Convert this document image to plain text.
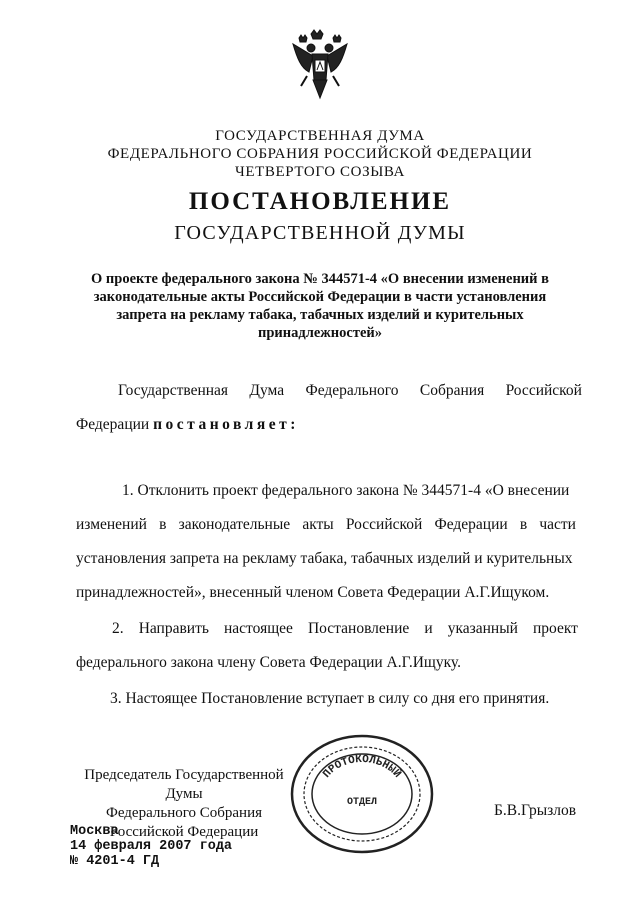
ГОСУДАРСТВЕННАЯ ДУМА
ФЕДЕРАЛЬНОГО СОБРАНИЯ РОССИЙСКОЙ ФЕДЕРАЦИИ
ЧЕТВЕРТОГО СОЗЫВА
ПОСТАНОВЛЕНИЕ
ГОСУДАРСТВЕННОЙ ДУМЫ
О проекте федерального закона № 344571-4 «О внесении изменений в
законодательные акты Российской Федерации в части установления
запрета на рекламу табака, табачных изделий и курительных
принадлежностей»
Государственная Дума Федерального Собрания Российской
Федерации постановляет:
1. Отклонить проект федерального закона № 344571-4 «О внесении
изменений в законодательные акты Российской Федерации в части
установления запрета на рекламу табака, табачных изделий и курительных
принадлежностей», внесенный членом Совета Федерации А.Г.Ищуком.
2. Направить настоящее Постановление и указанный проект
федерального закона члену Совета Федерации А.Г.Ищуку.
3. Настоящее Постановление вступает в силу со дня его принятия.
ПРОТОКОЛЬНЫЙ
ОТДЕЛ
Председатель Государственной Думы
Федерального Собрания
Российской Федерации
Б.В.Грызлов
Москва
14 февраля 2007 года
№ 4201-4 ГД
